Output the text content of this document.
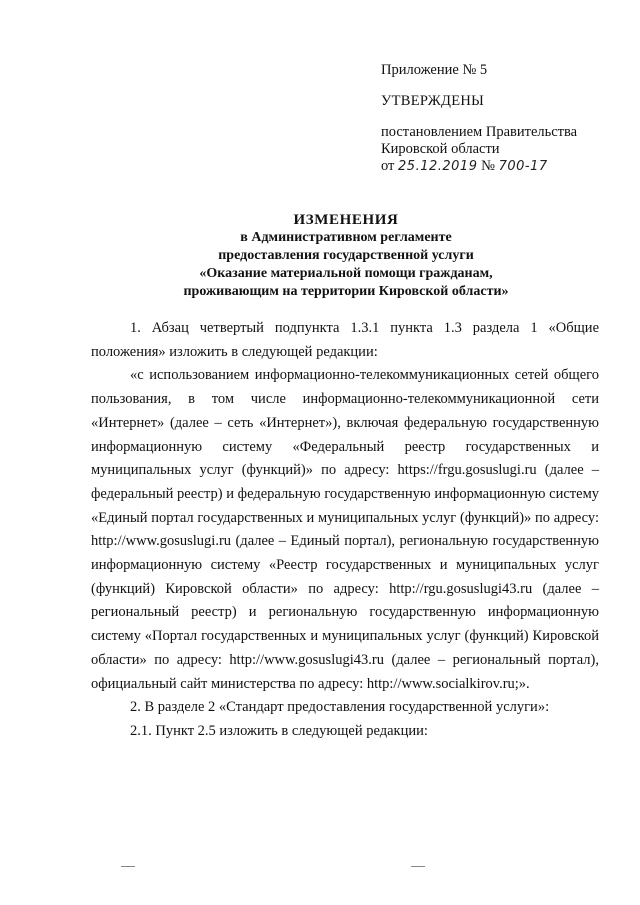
Приложение № 5

УТВЕРЖДЕНЫ

постановлением Правительства

Кировской области

от 25.12.2019 № 700-17

ИЗМЕНЕНИЯ

в Административном регламенте

предоставления государственной услуги

«Оказание материальной помощи гражданам,

проживающим на территории Кировской области»

1. Абзац четвертый подпункта 1.3.1 пункта 1.3 раздела 1 «Общие положения» изложить в следующей редакции:

«с использованием информационно-телекоммуникационных сетей общего пользования, в том числе информационно-телекоммуникационной сети «Интернет» (далее – сеть «Интернет»), включая федеральную государственную информационную систему «Федеральный реестр государственных и муниципальных услуг (функций)» по адресу: https://frgu.gosuslugi.ru (далее – федеральный реестр) и федеральную государственную информационную систему «Единый портал государственных и муниципальных услуг (функций)» по адресу: http://www.gosuslugi.ru (далее – Единый портал), региональную государственную информационную систему «Реестр государственных и муниципальных услуг (функций) Кировской области» по адресу: http://rgu.gosuslugi43.ru (далее – региональный реестр) и региональную государственную информационную систему «Портал государственных и муниципальных услуг (функций) Кировской области» по адресу: http://www.gosuslugi43.ru (далее – региональный портал), официальный сайт министерства по адресу: http://www.socialkirov.ru;».

2. В разделе 2 «Стандарт предоставления государственной услуги»:

2.1. Пункт 2.5 изложить в следующей редакции:
